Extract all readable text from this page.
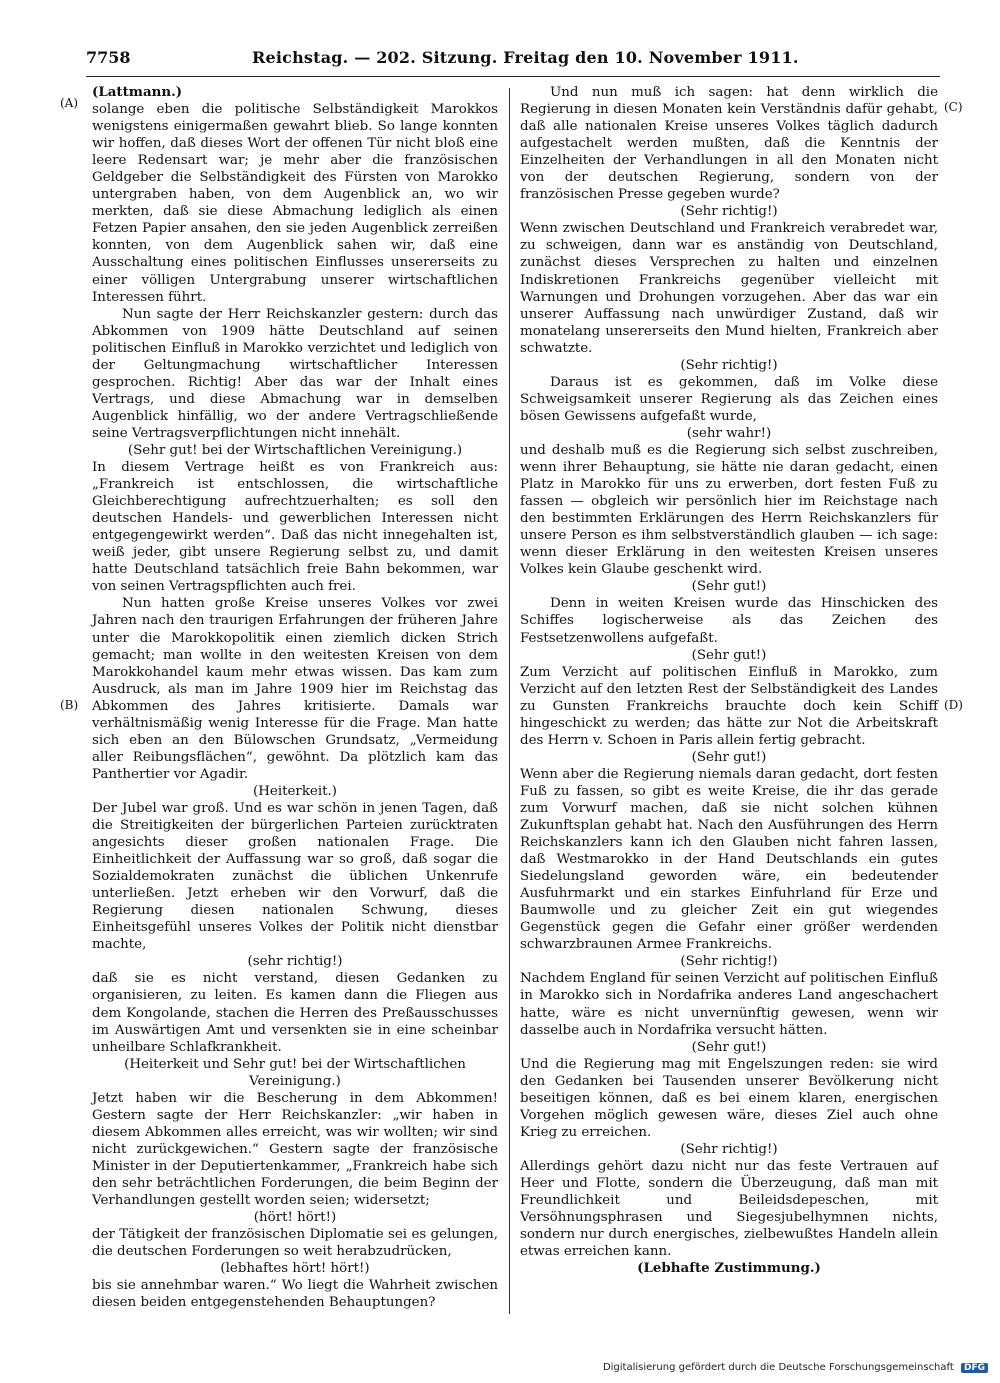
7758	Reichstag. — 202. Sitzung. Freitag den 10. November 1911.
(A)
(B)
(C)
(D)

(Lattmann.)

solange eben die politische Selbständigkeit Marokkos wenigstens einigermaßen gewahrt blieb. So lange konnten wir hoffen, daß dieses Wort der offenen Tür nicht bloß eine leere Redensart war; je mehr aber die französischen Geldgeber die Selbständigkeit des Fürsten von Marokko untergraben haben, von dem Augenblick an, wo wir merkten, daß sie diese Abmachung lediglich als einen Fetzen Papier ansahen, den sie jeden Augenblick zerreißen konnten, von dem Augenblick sahen wir, daß eine Ausschaltung eines politischen Einflusses unsererseits zu einer völligen Untergrabung unserer wirtschaftlichen Interessen führt.

Nun sagte der Herr Reichskanzler gestern: durch das Abkommen von 1909 hätte Deutschland auf seinen politischen Einfluß in Marokko verzichtet und lediglich von der Geltungmachung wirtschaftlicher Interessen gesprochen. Richtig! Aber das war der Inhalt eines Vertrags, und diese Abmachung war in demselben Augenblick hinfällig, wo der andere Vertragschließende seine Vertragsverpflichtungen nicht innehält.

(Sehr gut! bei der Wirtschaftlichen Vereinigung.)

In diesem Vertrage heißt es von Frankreich aus: „Frankreich ist entschlossen, die wirtschaftliche Gleichberechtigung aufrechtzuerhalten; es soll den deutschen Handels- und gewerblichen Interessen nicht entgegengewirkt werden“. Daß das nicht innegehalten ist, weiß jeder, gibt unsere Regierung selbst zu, und damit hatte Deutschland tatsächlich freie Bahn bekommen, war von seinen Vertragspflichten auch frei.

Nun hatten große Kreise unseres Volkes vor zwei Jahren nach den traurigen Erfahrungen der früheren Jahre unter die Marokkopolitik einen ziemlich dicken Strich gemacht; man wollte in den weitesten Kreisen von dem Marokkohandel kaum mehr etwas wissen. Das kam zum Ausdruck, als man im Jahre 1909 hier im Reichstag das Abkommen des Jahres kritisierte. Damals war verhältnismäßig wenig Interesse für die Frage. Man hatte sich eben an den Bülowschen Grundsatz, „Vermeidung aller Reibungsflächen“, gewöhnt. Da plötzlich kam das Panthertier vor Agadir.

(Heiterkeit.)

Der Jubel war groß. Und es war schön in jenen Tagen, daß die Streitigkeiten der bürgerlichen Parteien zurücktraten angesichts dieser großen nationalen Frage. Die Einheitlichkeit der Auffassung war so groß, daß sogar die Sozialdemokraten zunächst die üblichen Unkenrufe unterließen. Jetzt erheben wir den Vorwurf, daß die Regierung diesen nationalen Schwung, dieses Einheitsgefühl unseres Volkes der Politik nicht dienstbar machte,

(sehr richtig!)

daß sie es nicht verstand, diesen Gedanken zu organisieren, zu leiten. Es kamen dann die Fliegen aus dem Kongolande, stachen die Herren des Preßausschusses im Auswärtigen Amt und versenkten sie in eine scheinbar unheilbare Schlafkrankheit.

(Heiterkeit und Sehr gut! bei der Wirtschaftlichen Vereinigung.)

Jetzt haben wir die Bescherung in dem Abkommen! Gestern sagte der Herr Reichskanzler: „wir haben in diesem Abkommen alles erreicht, was wir wollten; wir sind nicht zurückgewichen.“ Gestern sagte der französische Minister in der Deputiertenkammer, „Frankreich habe sich den sehr beträchtlichen Forderungen, die beim Beginn der Verhandlungen gestellt worden seien; widersetzt;

(hört! hört!)

der Tätigkeit der französischen Diplomatie sei es gelungen, die deutschen Forderungen so weit herabzudrücken,

(lebhaftes hört! hört!)

bis sie annehmbar waren.“ Wo liegt die Wahrheit zwischen diesen beiden entgegenstehenden Behauptungen?

Und nun muß ich sagen: hat denn wirklich die Regierung in diesen Monaten kein Verständnis dafür gehabt, daß alle nationalen Kreise unseres Volkes täglich dadurch aufgestachelt werden mußten, daß die Kenntnis der Einzelheiten der Verhandlungen in all den Monaten nicht von der deutschen Regierung, sondern von der französischen Presse gegeben wurde?

(Sehr richtig!)

Wenn zwischen Deutschland und Frankreich verabredet war, zu schweigen, dann war es anständig von Deutschland, zunächst dieses Versprechen zu halten und einzelnen Indiskretionen Frankreichs gegenüber vielleicht mit Warnungen und Drohungen vorzugehen. Aber das war ein unserer Auffassung nach unwürdiger Zustand, daß wir monatelang unsererseits den Mund hielten, Frankreich aber schwatzte.

(Sehr richtig!)

Daraus ist es gekommen, daß im Volke diese Schweigsamkeit unserer Regierung als das Zeichen eines bösen Gewissens aufgefaßt wurde,

(sehr wahr!)

und deshalb muß es die Regierung sich selbst zuschreiben, wenn ihrer Behauptung, sie hätte nie daran gedacht, einen Platz in Marokko für uns zu erwerben, dort festen Fuß zu fassen — obgleich wir persönlich hier im Reichstage nach den bestimmten Erklärungen des Herrn Reichskanzlers für unsere Person es ihm selbstverständlich glauben — ich sage: wenn dieser Erklärung in den weitesten Kreisen unseres Volkes kein Glaube geschenkt wird.

(Sehr gut!)

Denn in weiten Kreisen wurde das Hinschicken des Schiffes logischerweise als das Zeichen des Festsetzenwollens aufgefaßt.

(Sehr gut!)

Zum Verzicht auf politischen Einfluß in Marokko, zum Verzicht auf den letzten Rest der Selbständigkeit des Landes zu Gunsten Frankreichs brauchte doch kein Schiff hingeschickt zu werden; das hätte zur Not die Arbeitskraft des Herrn v. Schoen in Paris allein fertig gebracht.

(Sehr gut!)

Wenn aber die Regierung niemals daran gedacht, dort festen Fuß zu fassen, so gibt es weite Kreise, die ihr das gerade zum Vorwurf machen, daß sie nicht solchen kühnen Zukunftsplan gehabt hat. Nach den Ausführungen des Herrn Reichskanzlers kann ich den Glauben nicht fahren lassen, daß Westmarokko in der Hand Deutschlands ein gutes Siedelungsland geworden wäre, ein bedeutender Ausfuhrmarkt und ein starkes Einfuhrland für Erze und Baumwolle und zu gleicher Zeit ein gut wiegendes Gegenstück gegen die Gefahr einer größer werdenden schwarzbraunen Armee Frankreichs.

(Sehr richtig!)

Nachdem England für seinen Verzicht auf politischen Einfluß in Marokko sich in Nordafrika anderes Land angeschachert hatte, wäre es nicht unvernünftig gewesen, wenn wir dasselbe auch in Nordafrika versucht hätten.

(Sehr gut!)

Und die Regierung mag mit Engelszungen reden: sie wird den Gedanken bei Tausenden unserer Bevölkerung nicht beseitigen können, daß es bei einem klaren, energischen Vorgehen möglich gewesen wäre, dieses Ziel auch ohne Krieg zu erreichen.

(Sehr richtig!)

Allerdings gehört dazu nicht nur das feste Vertrauen auf Heer und Flotte, sondern die Überzeugung, daß man mit Freundlichkeit und Beileidsdepeschen, mit Versöhnungsphrasen und Siegesjubelhymnen nichts, sondern nur durch energisches, zielbewußtes Handeln allein etwas erreichen kann.

(Lebhafte Zustimmung.)

Digitalisierung gefördert durch die Deutsche Forschungsgemeinschaft DFG
